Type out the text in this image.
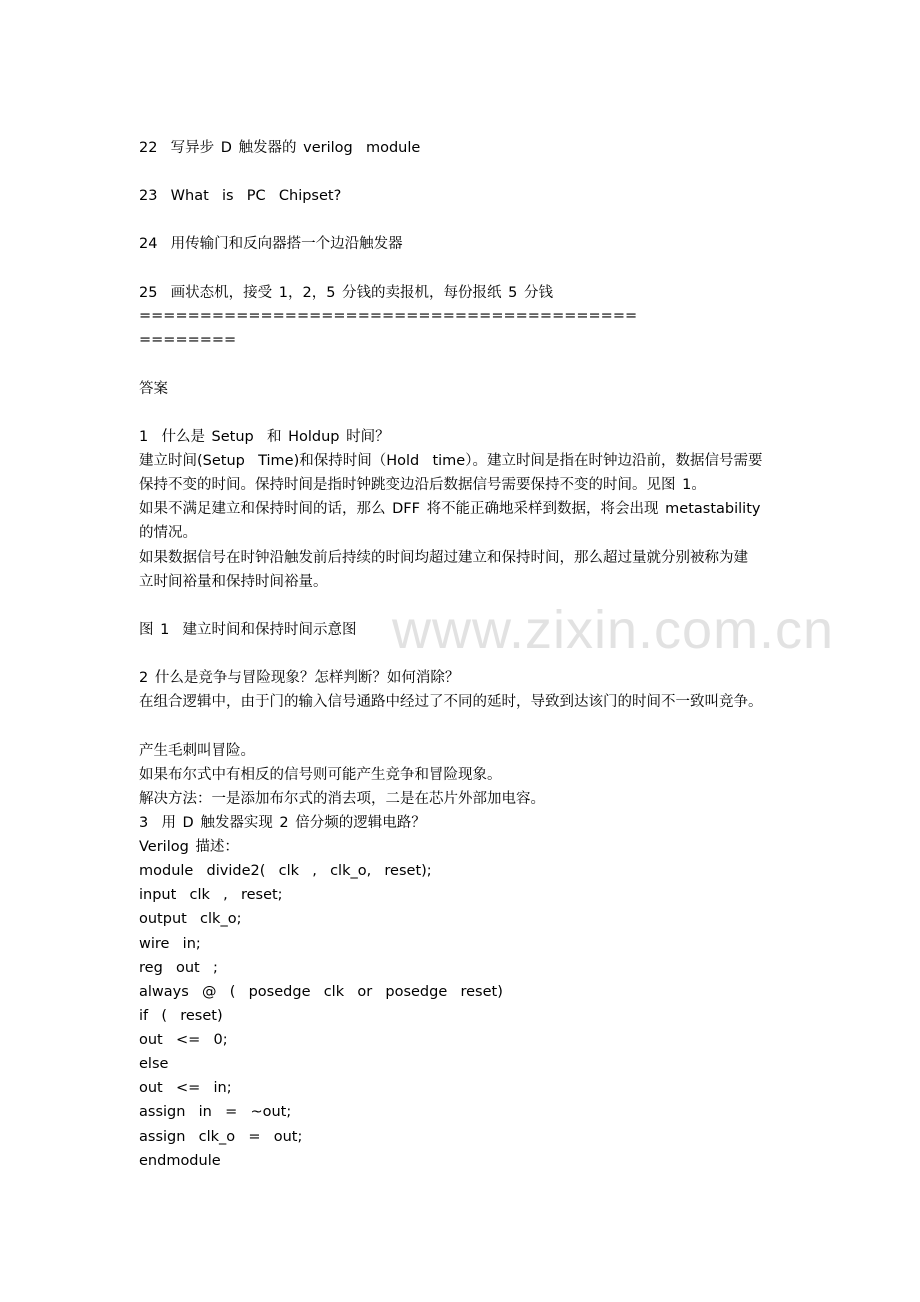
www.zixin.com.cn
22  写异步 D 触发器的 verilog  module
23  What  is  PC  Chipset?
24  用传输门和反向器搭一个边沿触发器
25  画状态机，接受 1，2，5 分钱的卖报机，每份报纸 5 分钱
=========================================
========
答案
1  什么是 Setup  和 Holdup 时间？
建立时间(Setup  Time)和保持时间（Hold  time）。建立时间是指在时钟边沿前，数据信号需要
保持不变的时间。保持时间是指时钟跳变边沿后数据信号需要保持不变的时间。见图 1。
如果不满足建立和保持时间的话，那么 DFF 将不能正确地采样到数据，将会出现 metastability
的情况。
如果数据信号在时钟沿触发前后持续的时间均超过建立和保持时间，那么超过量就分别被称为建
立时间裕量和保持时间裕量。
图 1  建立时间和保持时间示意图
2 什么是竞争与冒险现象？怎样判断？如何消除？
在组合逻辑中，由于门的输入信号通路中经过了不同的延时，导致到达该门的时间不一致叫竞争。
产生毛刺叫冒险。
如果布尔式中有相反的信号则可能产生竞争和冒险现象。
解决方法：一是添加布尔式的消去项，二是在芯片外部加电容。
3  用 D 触发器实现 2 倍分频的逻辑电路？
Verilog 描述：
module  divide2(  clk  ,  clk_o,  reset);
input  clk  ,  reset;
output  clk_o;
wire  in;
reg  out  ;
always  @  (  posedge  clk  or  posedge  reset)
if  (  reset)
out  <=  0;
else
out  <=  in;
assign  in  =  ~out;
assign  clk_o  =  out;
endmodule
